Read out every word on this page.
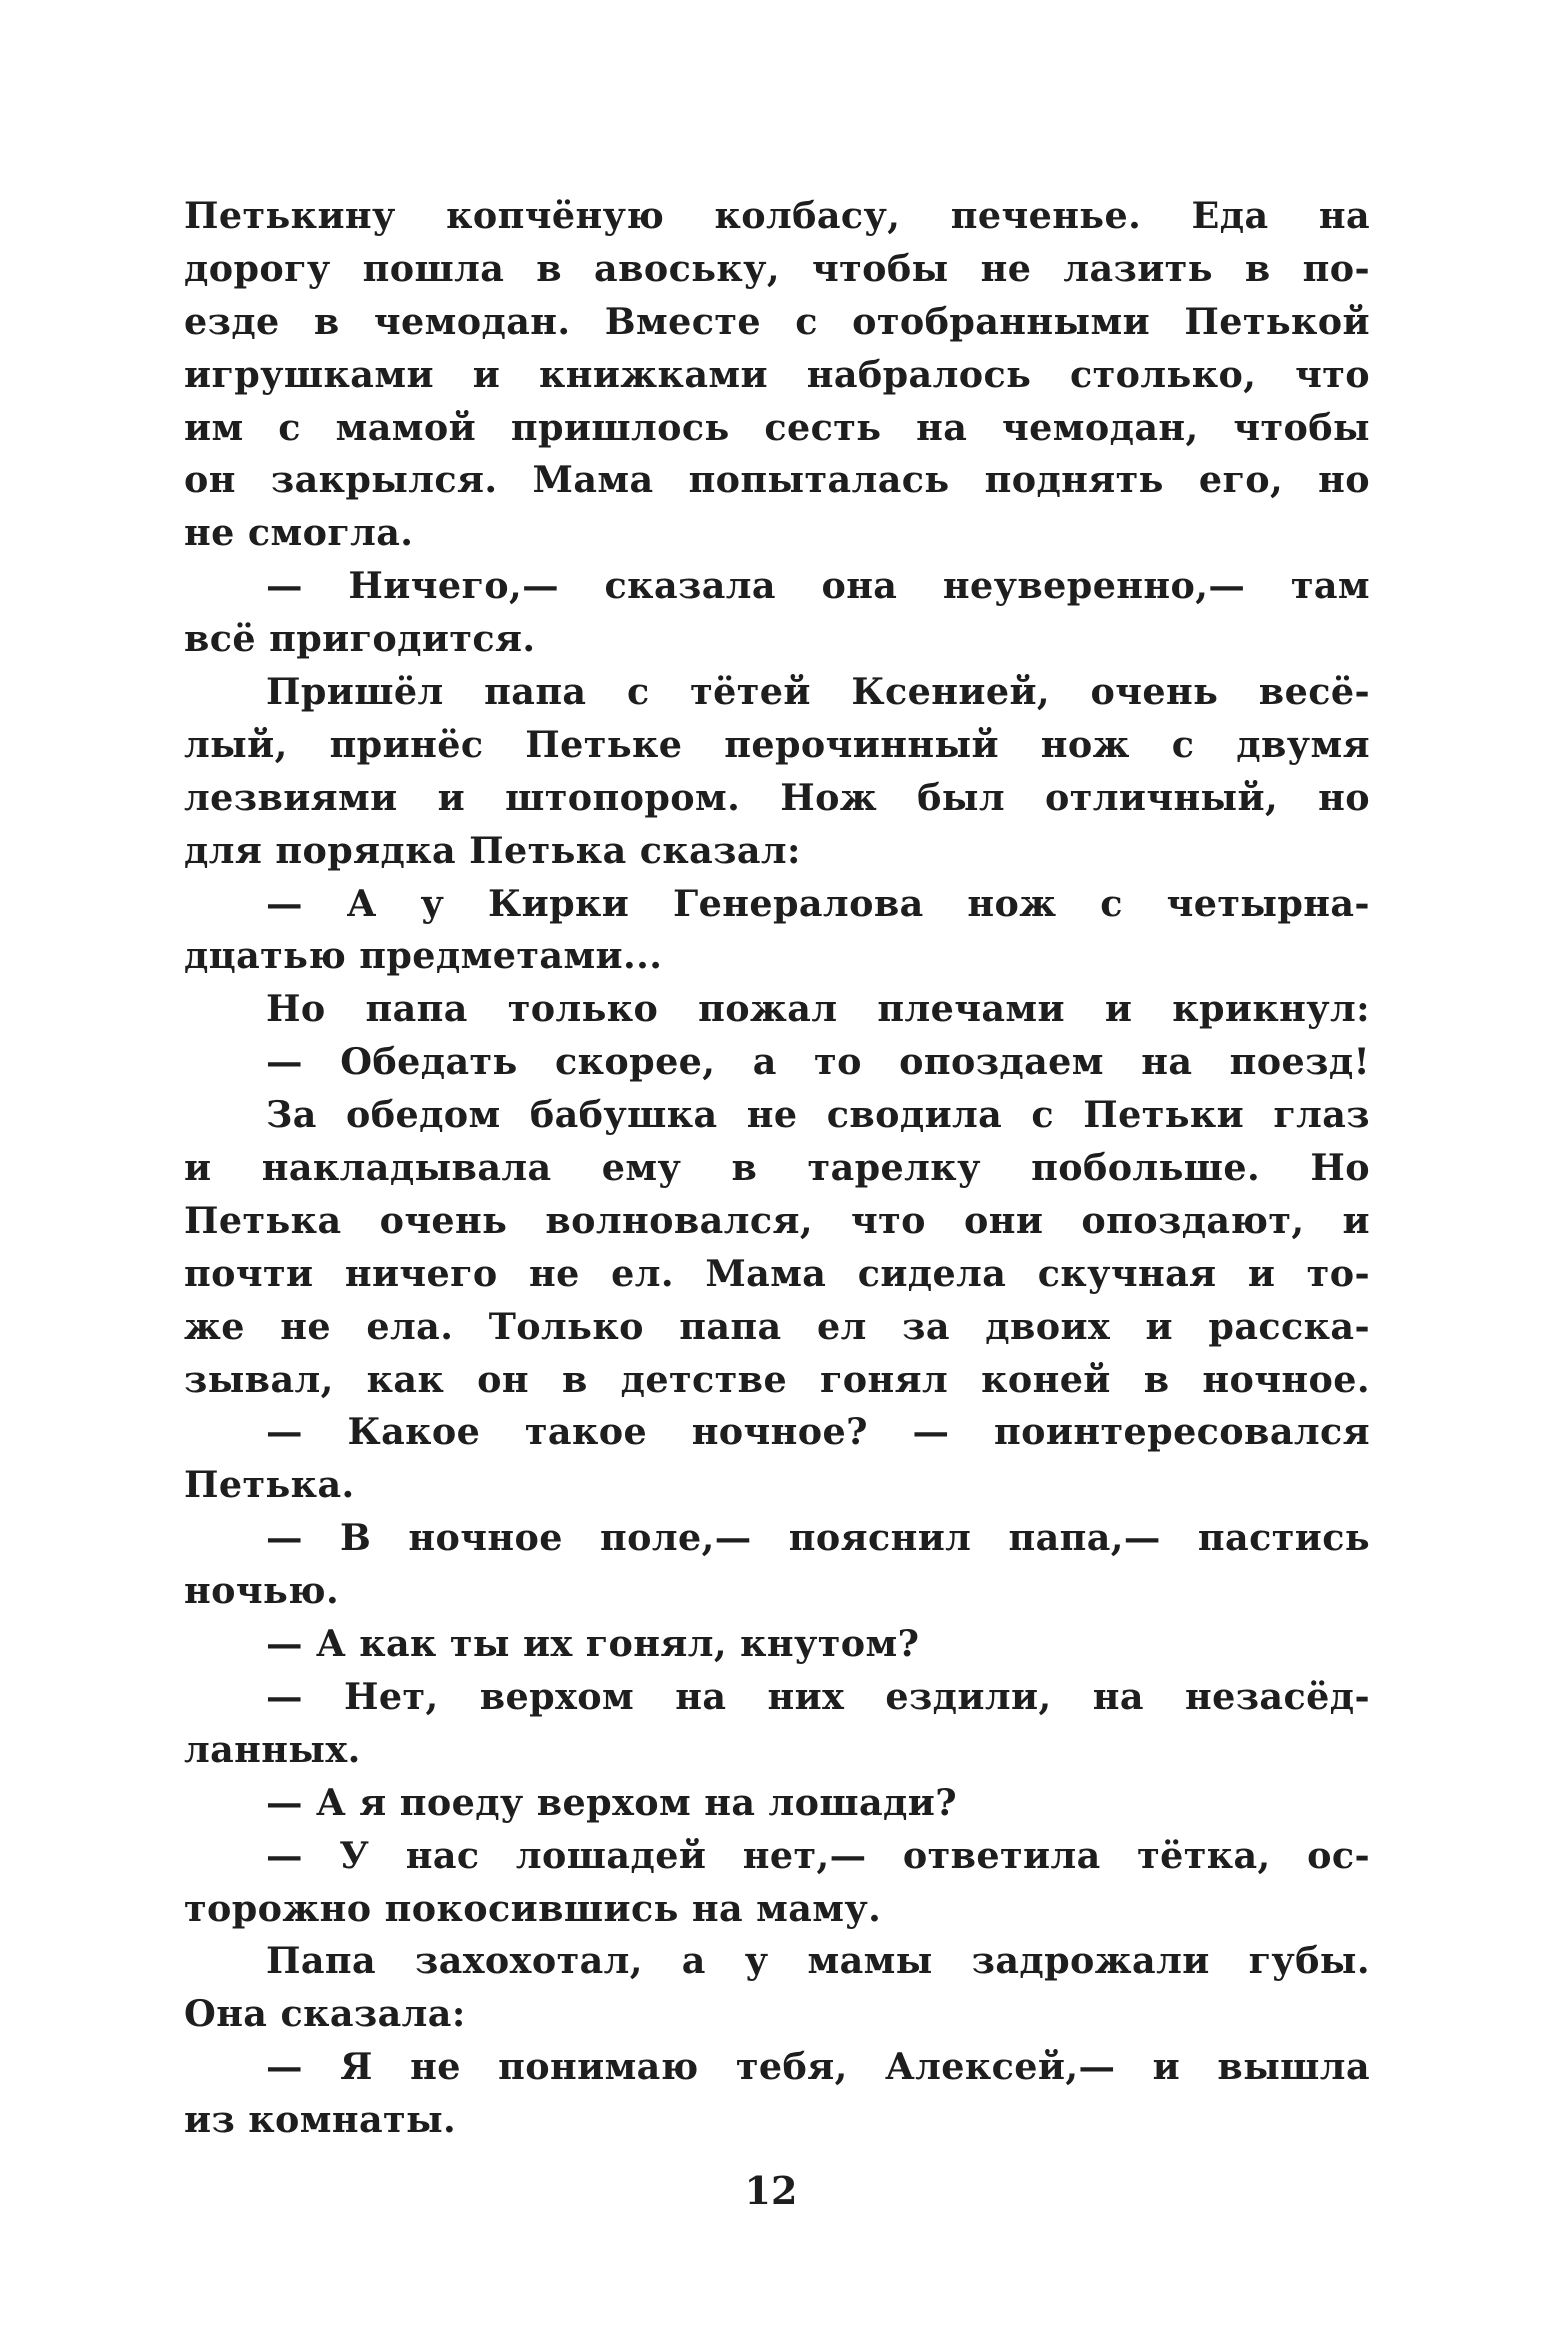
Петькину копчёную колбасу, печенье. Еда на
дорогу пошла в авоську, чтобы не лазить в по-
езде в чемодан. Вместе с отобранными Петькой
игрушками и книжками набралось столько, что
им с мамой пришлось сесть на чемодан, чтобы
он закрылся. Мама попыталась поднять его, но
не смогла.
— Ничего,— сказала она неуверенно,— там
всё пригодится.
Пришёл папа с тётей Ксенией, очень весё-
лый, принёс Петьке перочинный нож с двумя
лезвиями и штопором. Нож был отличный, но
для порядка Петька сказал:
— А у Кирки Генералова нож с четырна-
дцатью предметами...
Но папа только пожал плечами и крикнул:
— Обедать скорее, а то опоздаем на поезд!
За обедом бабушка не сводила с Петьки глаз
и накладывала ему в тарелку побольше. Но
Петька очень волновался, что они опоздают, и
почти ничего не ел. Мама сидела скучная и то-
же не ела. Только папа ел за двоих и расска-
зывал, как он в детстве гонял коней в ночное.
— Какое такое ночное? — поинтересовался
Петька.
— В ночное поле,— пояснил папа,— пастись
ночью.
— А как ты их гонял, кнутом?
— Нет, верхом на них ездили, на незасёд-
ланных.
— А я поеду верхом на лошади?
— У нас лошадей нет,— ответила тётка, ос-
торожно покосившись на маму.
Папа захохотал, а у мамы задрожали губы.
Она сказала:
— Я не понимаю тебя, Алексей,— и вышла
из комнаты.
12
